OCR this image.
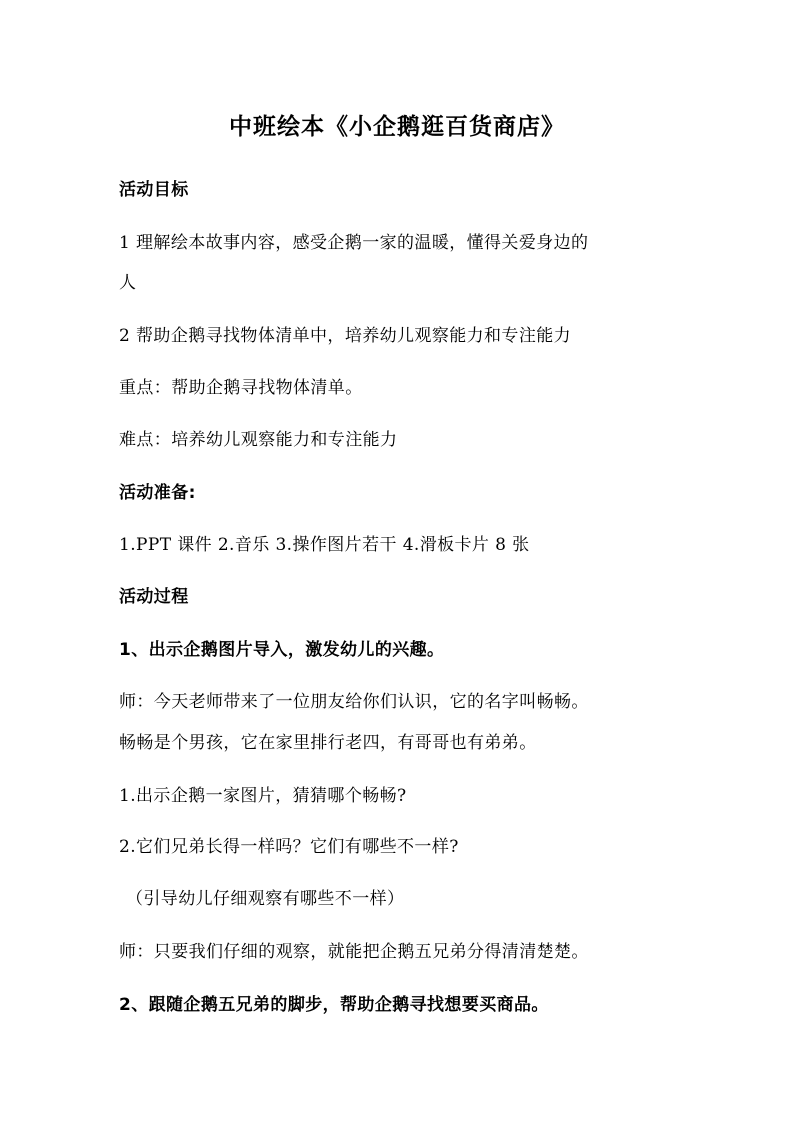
中班绘本《小企鹅逛百货商店》
活动目标
1 理解绘本故事内容，感受企鹅一家的温暖，懂得关爱身边的
人
2 帮助企鹅寻找物体清单中，培养幼儿观察能力和专注能力
重点：帮助企鹅寻找物体清单。
难点：培养幼儿观察能力和专注能力
活动准备:
1.PPT 课件 2.音乐 3.操作图片若干 4.滑板卡片 8 张
活动过程
1、出示企鹅图片导入，激发幼儿的兴趣。
师：今天老师带来了一位朋友给你们认识，它的名字叫畅畅。
畅畅是个男孩，它在家里排行老四，有哥哥也有弟弟。
1.出示企鹅一家图片，猜猜哪个畅畅?
2.它们兄弟长得一样吗？它们有哪些不一样?
（引导幼儿仔细观察有哪些不一样）
师：只要我们仔细的观察，就能把企鹅五兄弟分得清清楚楚。
2、跟随企鹅五兄弟的脚步，帮助企鹅寻找想要买商品。
